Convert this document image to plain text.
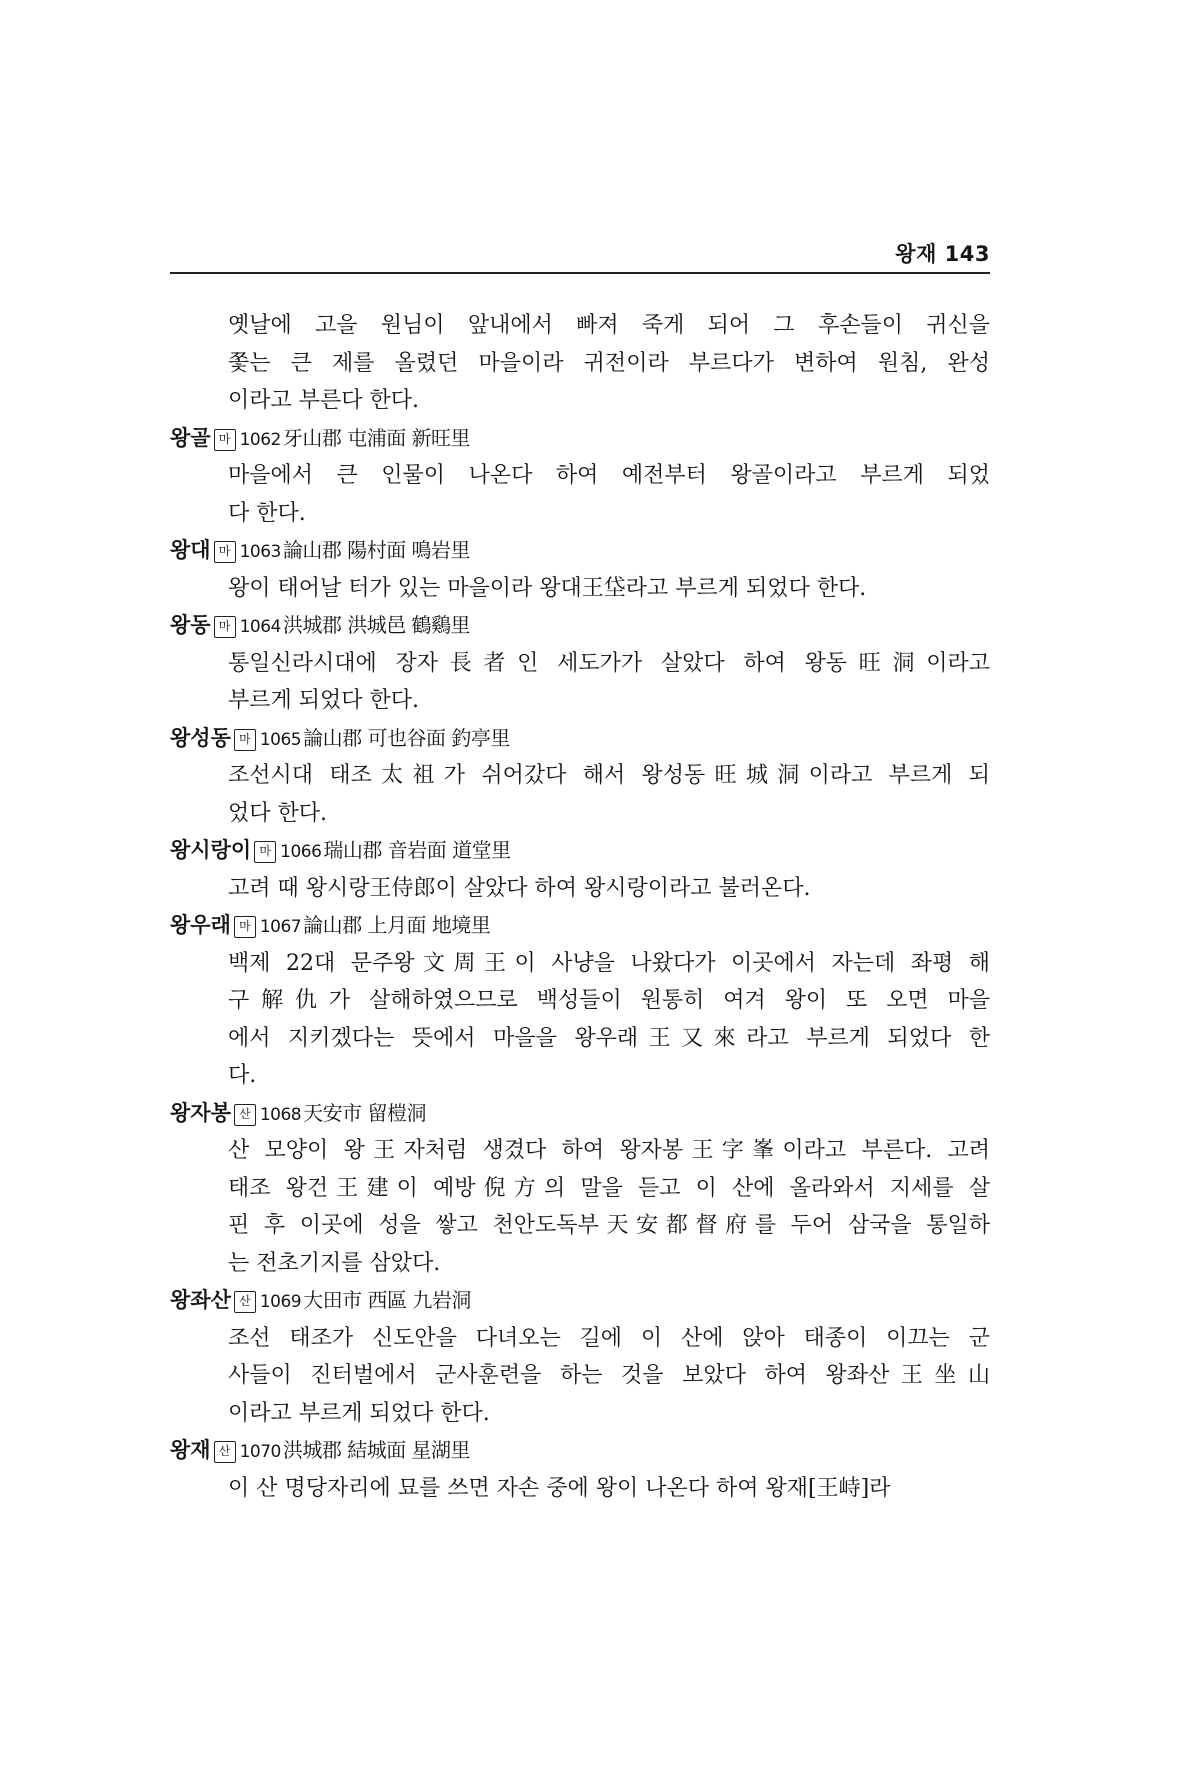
왕재 143
옛날에 고을 원님이 앞내에서 빠져 죽게 되어 그 후손들이 귀신을
쫓는 큰 제를 올렸던 마을이라 귀전이라 부르다가 변하여 원침, 완성
이라고 부른다 한다.
왕골 마 1062 牙山郡 屯浦面 新旺里
마을에서 큰 인물이 나온다 하여 예전부터 왕골이라고 부르게 되었
다 한다.
왕대 마 1063 論山郡 陽村面 鳴岩里
왕이 태어날 터가 있는 마을이라 왕대王垈라고 부르게 되었다 한다.
왕동 마 1064 洪城郡 洪城邑 鶴鷄里
통일신라시대에 장자長者인 세도가가 살았다 하여 왕동旺洞이라고
부르게 되었다 한다.
왕성동 마 1065 論山郡 可也谷面 釣亭里
조선시대 태조太祖가 쉬어갔다 해서 왕성동旺城洞이라고 부르게 되
었다 한다.
왕시랑이 마 1066 瑞山郡 音岩面 道堂里
고려 때 왕시랑王侍郎이 살았다 하여 왕시랑이라고 불러온다.
왕우래 마 1067 論山郡 上月面 地境里
백제 22대 문주왕文周王이 사냥을 나왔다가 이곳에서 자는데 좌평 해
구解仇가 살해하였으므로 백성들이 원통히 여겨 왕이 또 오면 마을
에서 지키겠다는 뜻에서 마을을 왕우래王又來라고 부르게 되었다 한
다.
왕자봉 산 1068 天安市 留榿洞
산 모양이 왕王자처럼 생겼다 하여 왕자봉王字峯이라고 부른다. 고려
태조 왕건王建이 예방倪方의 말을 듣고 이 산에 올라와서 지세를 살
핀 후 이곳에 성을 쌓고 천안도독부天安都督府를 두어 삼국을 통일하
는 전초기지를 삼았다.
왕좌산 산 1069 大田市 西區 九岩洞
조선 태조가 신도안을 다녀오는 길에 이 산에 앉아 태종이 이끄는 군
사들이 진터벌에서 군사훈련을 하는 것을 보았다 하여 왕좌산王坐山
이라고 부르게 되었다 한다.
왕재 산 1070 洪城郡 結城面 星湖里
이 산 명당자리에 묘를 쓰면 자손 중에 왕이 나온다 하여 왕재[王峙]라
